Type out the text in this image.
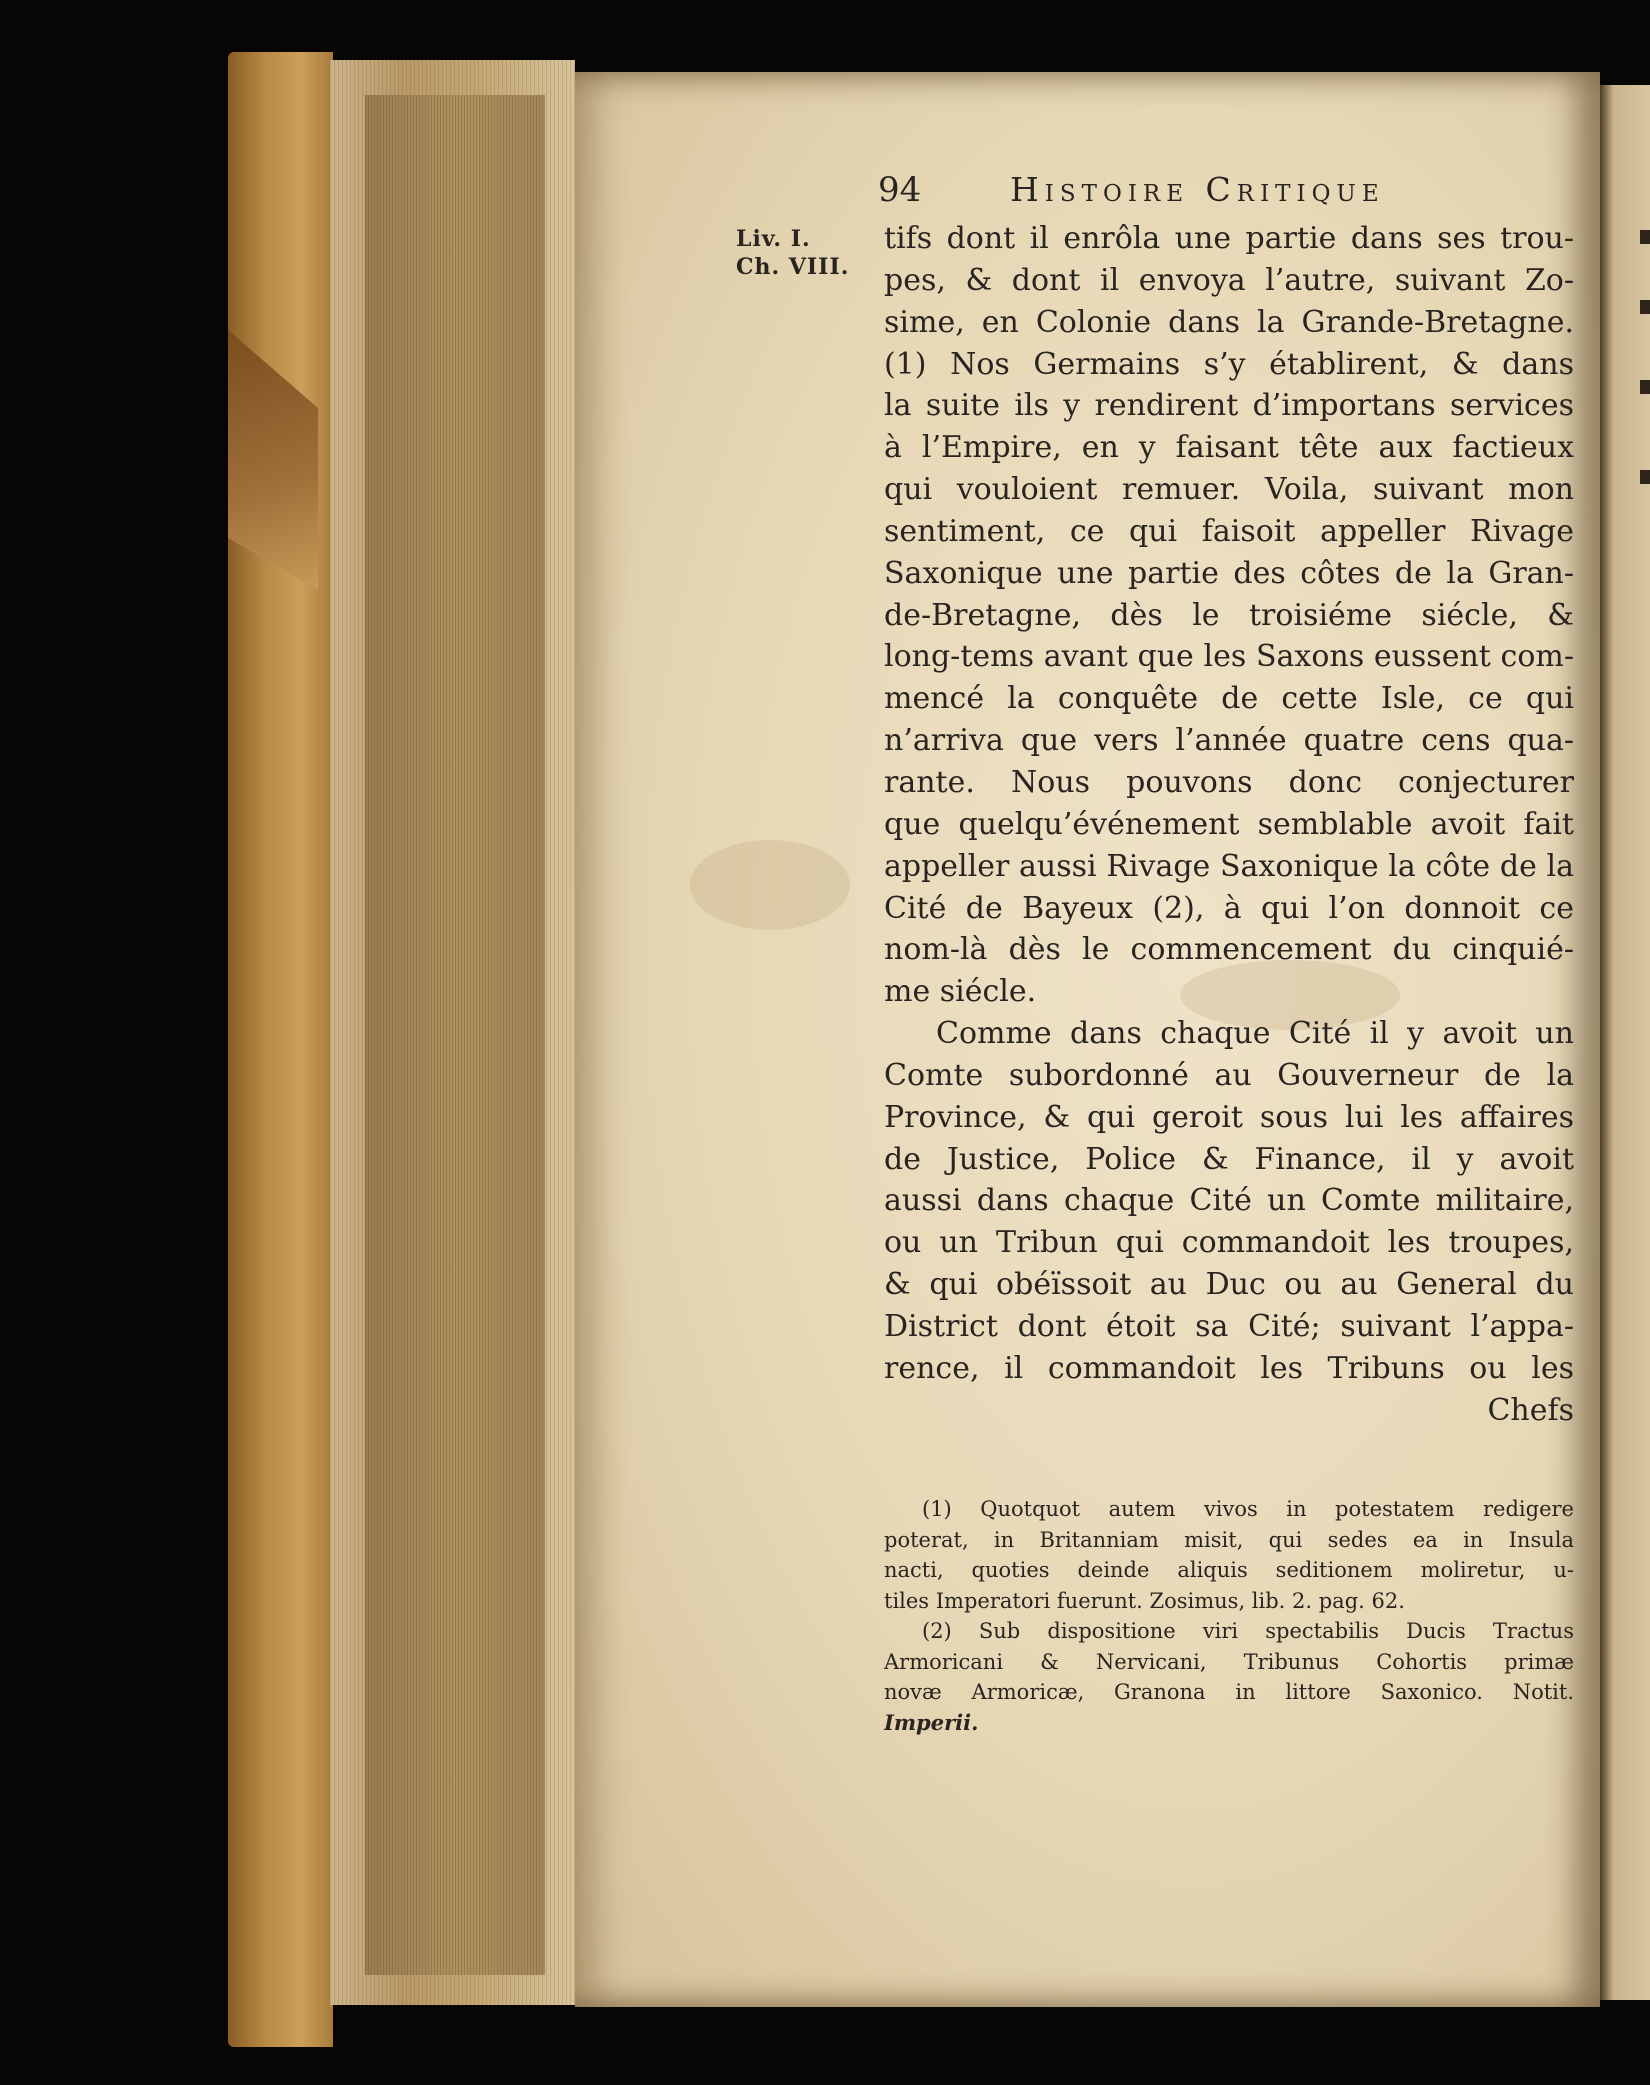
94	Histoire Critique
Liv. I.
Ch. VIII.
tifs dont il enrôla une partie dans ses trou-
pes, & dont il envoya l’autre, suivant Zo-
sime, en Colonie dans la Grande-Bretagne.
(1) Nos Germains s’y établirent, & dans
la suite ils y rendirent d’importans services
à l’Empire, en y faisant tête aux factieux
qui vouloient remuer. Voila, suivant mon
sentiment, ce qui faisoit appeller Rivage
Saxonique une partie des côtes de la Gran-
de-Bretagne, dès le troisiéme siécle, &
long-tems avant que les Saxons eussent com-
mencé la conquête de cette Isle, ce qui
n’arriva que vers l’année quatre cens qua-
rante. Nous pouvons donc conjecturer
que quelqu’événement semblable avoit fait
appeller aussi Rivage Saxonique la côte de la
Cité de Bayeux (2), à qui l’on donnoit ce
nom-là dès le commencement du cinquié-
me siécle.
Comme dans chaque Cité il y avoit un
Comte subordonné au Gouverneur de la
Province, & qui geroit sous lui les affaires
de Justice, Police & Finance, il y avoit
aussi dans chaque Cité un Comte militaire,
ou un Tribun qui commandoit les troupes,
& qui obéïssoit au Duc ou au General du
District dont étoit sa Cité; suivant l’appa-
rence, il commandoit les Tribuns ou les
Chefs
(1) Quotquot autem vivos in potestatem redigere
poterat, in Britanniam misit, qui sedes ea in Insula
nacti, quoties deinde aliquis seditionem moliretur, u-
tiles Imperatori fuerunt. Zosimus, lib. 2. pag. 62.
(2) Sub dispositione viri spectabilis Ducis Tractus
Armoricani & Nervicani, Tribunus Cohortis primæ
novæ Armoricæ, Granona in littore Saxonico. Notit.
Imperii.
